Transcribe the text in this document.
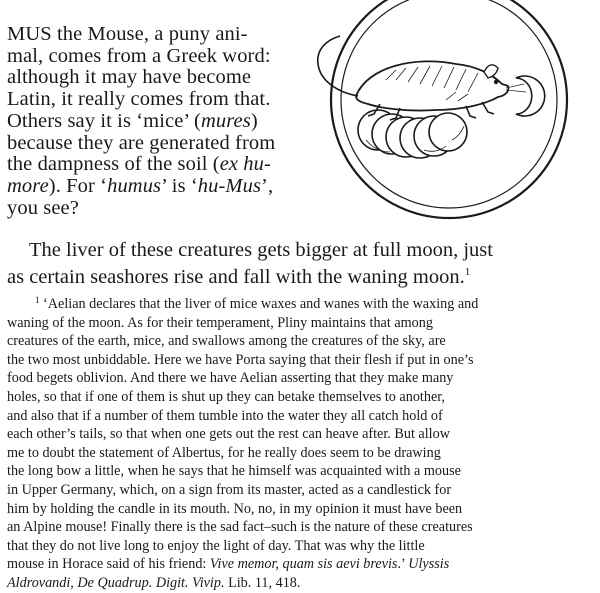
MUS the Mouse, a puny ani-
mal, comes from a Greek word:
although it may have become
Latin, it really comes from that.
Others say it is ‘mice’ (mures)
because they are generated from
the dampness of the soil (ex hu-
more). For ‘humus’ is ‘hu-Mus’,
you see?
The liver of these creatures gets bigger at full moon, just
as certain seashores rise and fall with the waning moon.$^1$
$^1$ ‘Aelian declares that the liver of mice waxes and wanes with the waxing and
waning of the moon. As for their temperament, Pliny maintains that among
creatures of the earth, mice, and swallows among the creatures of the sky, are
the two most unbiddable. Here we have Porta saying that their flesh if put in one’s
food begets oblivion. And there we have Aelian asserting that they make many
holes, so that if one of them is shut up they can betake themselves to another,
and also that if a number of them tumble into the water they all catch hold of
each other’s tails, so that when one gets out the rest can heave after. But allow
me to doubt the statement of Albertus, for he really does seem to be drawing
the long bow a little, when he says that he himself was acquainted with a mouse
in Upper Germany, which, on a sign from its master, acted as a candlestick for
him by holding the candle in its mouth. No, no, in my opinion it must have been
an Alpine mouse! Finally there is the sad fact–such is the nature of these creatures
that they do not live long to enjoy the light of day. That was why the little
mouse in Horace said of his friend: Vive memor, quam sis aevi brevis.’ Ulyssis
Aldrovandi, De Quadrup. Digit. Vivip. Lib. 11, 418.
